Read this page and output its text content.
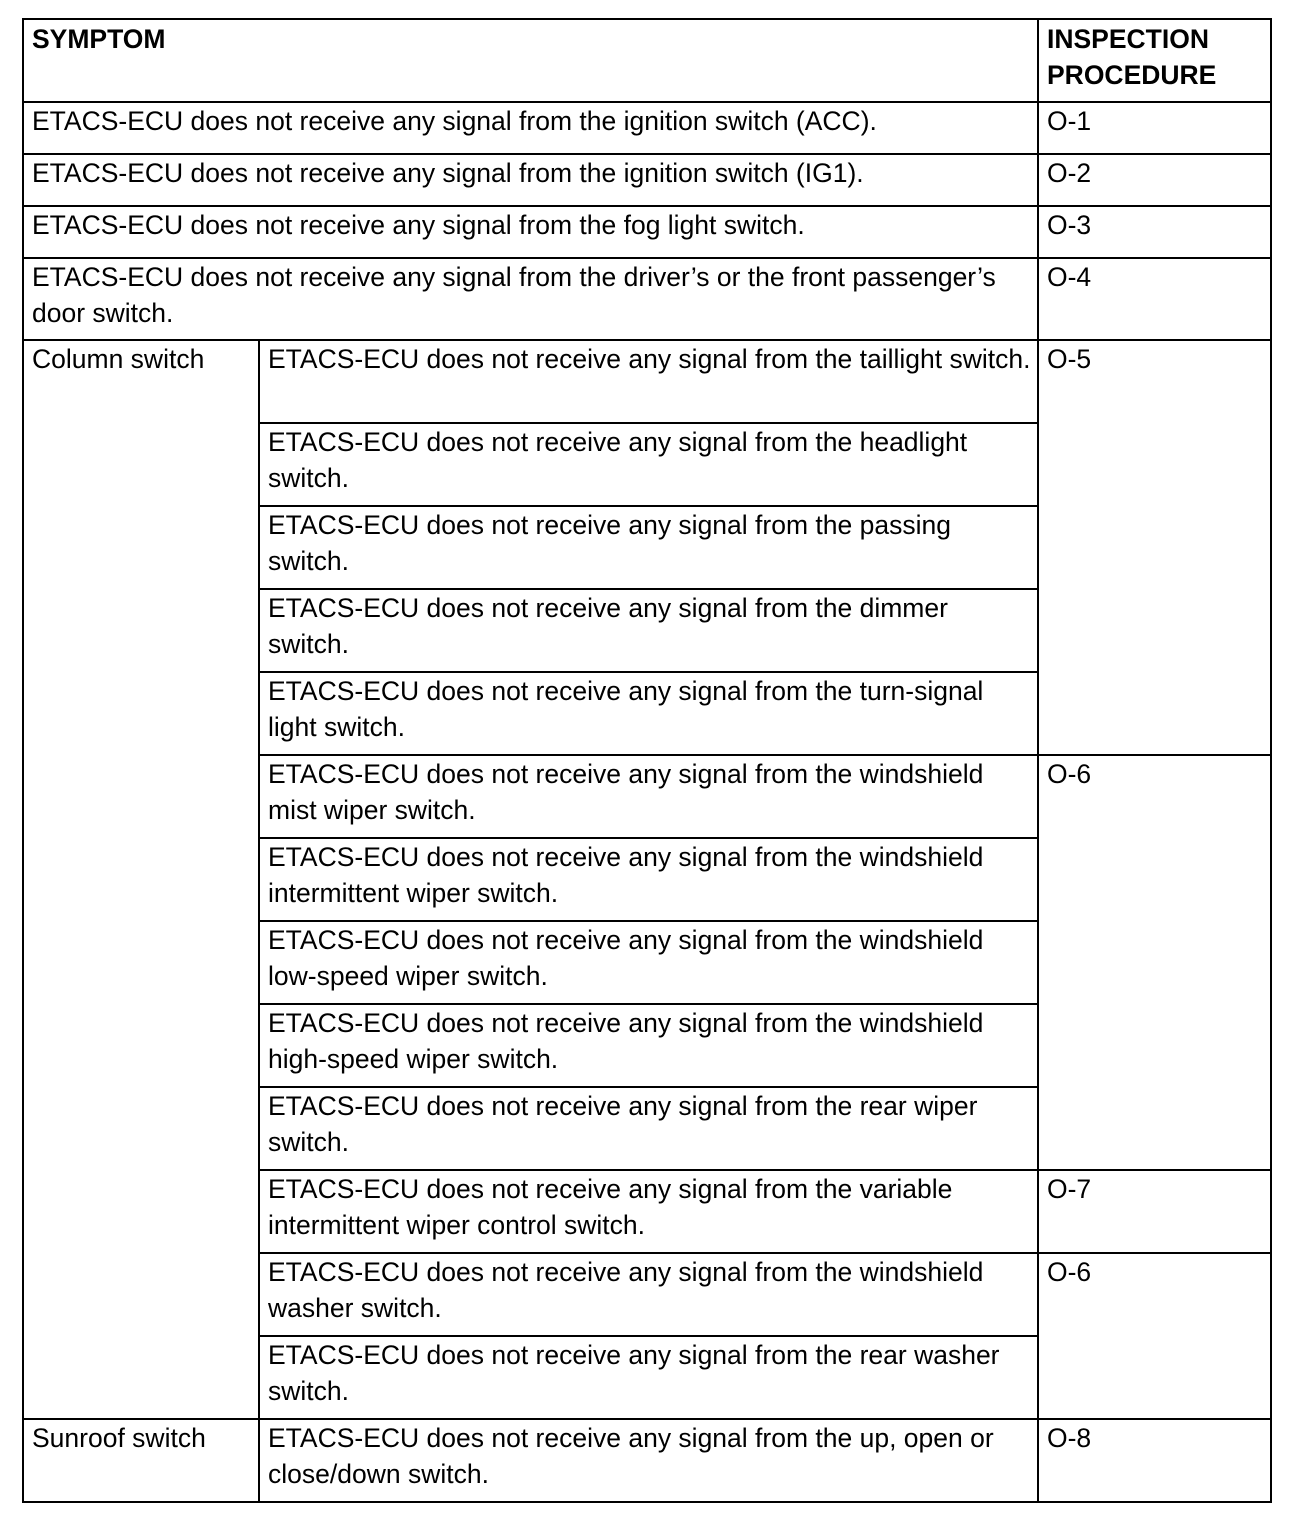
SYMPTOM		INSPECTION
PROCEDURE
ETACS-ECU does not receive any signal from the ignition switch (ACC).		O-1
ETACS-ECU does not receive any signal from the ignition switch (IG1).		O-2
ETACS-ECU does not receive any signal from the fog light switch.		O-3
ETACS-ECU does not receive any signal from the driver’s or the front passenger’s door switch.		O-4
Column switch	ETACS-ECU does not receive any signal from the taillight switch.	O-5
	ETACS-ECU does not receive any signal from the headlight switch.	
	ETACS-ECU does not receive any signal from the passing switch.	
	ETACS-ECU does not receive any signal from the dimmer switch.	
	ETACS-ECU does not receive any signal from the turn-signal light switch.	
	ETACS-ECU does not receive any signal from the windshield mist wiper switch.	O-6
	ETACS-ECU does not receive any signal from the windshield intermittent wiper switch.	
	ETACS-ECU does not receive any signal from the windshield low-speed wiper switch.	
	ETACS-ECU does not receive any signal from the windshield high-speed wiper switch.	
	ETACS-ECU does not receive any signal from the rear wiper switch.	
	ETACS-ECU does not receive any signal from the variable intermittent wiper control switch.	O-7
	ETACS-ECU does not receive any signal from the windshield washer switch.	O-6
	ETACS-ECU does not receive any signal from the rear washer switch.	
Sunroof switch	ETACS-ECU does not receive any signal from the up, open or close/down switch.	O-8
